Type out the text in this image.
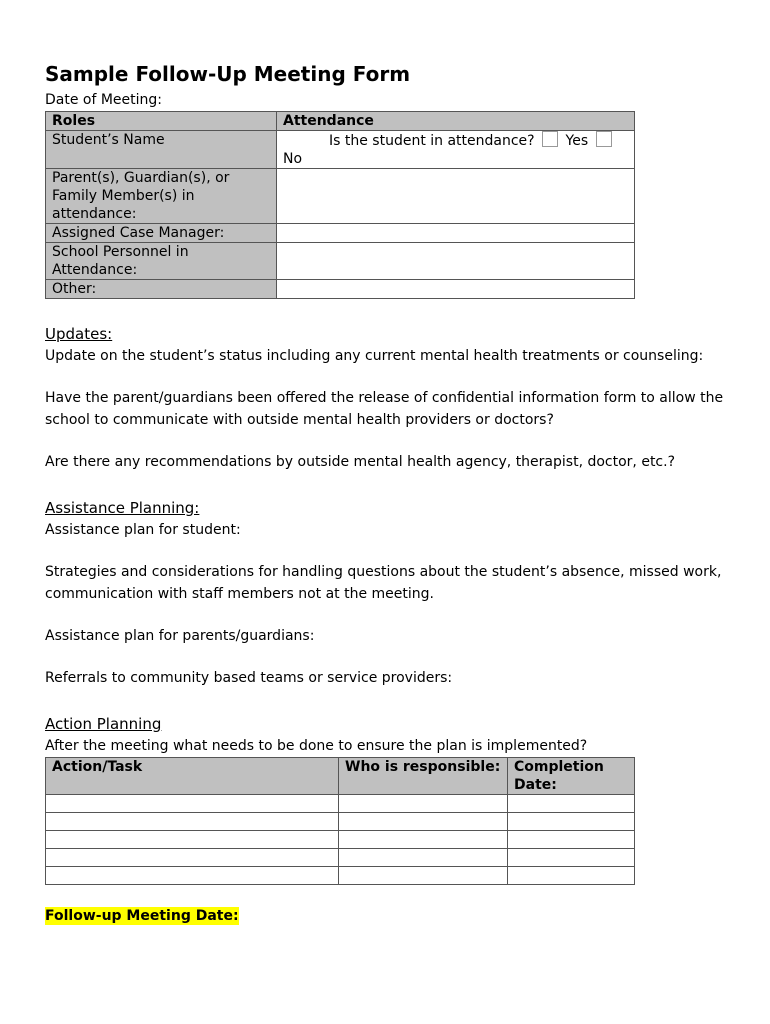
Sample Follow-Up Meeting Form
Date of Meeting:
Roles	Attendance
Student’s Name	Is the student in attendance? Yes
No

Parent(s), Guardian(s), or Family Member(s) in attendance:	
Assigned Case Manager:	
School Personnel in Attendance:	
Other:	
Updates:
Update on the student’s status including any current mental health treatments or counseling:
Have the parent/guardians been offered the release of confidential information form to allow the school to communicate with outside mental health providers or doctors?
Are there any recommendations by outside mental health agency, therapist, doctor, etc.?
Assistance Planning:
Assistance plan for student:
Strategies and considerations for handling questions about the student’s absence, missed work, communication with staff members not at the meeting.
Assistance plan for parents/guardians:
Referrals to community based teams or service providers:
Action Planning
After the meeting what needs to be done to ensure the plan is implemented?
Action/Task	Who is responsible:	Completion Date:

Follow-up Meeting Date:
